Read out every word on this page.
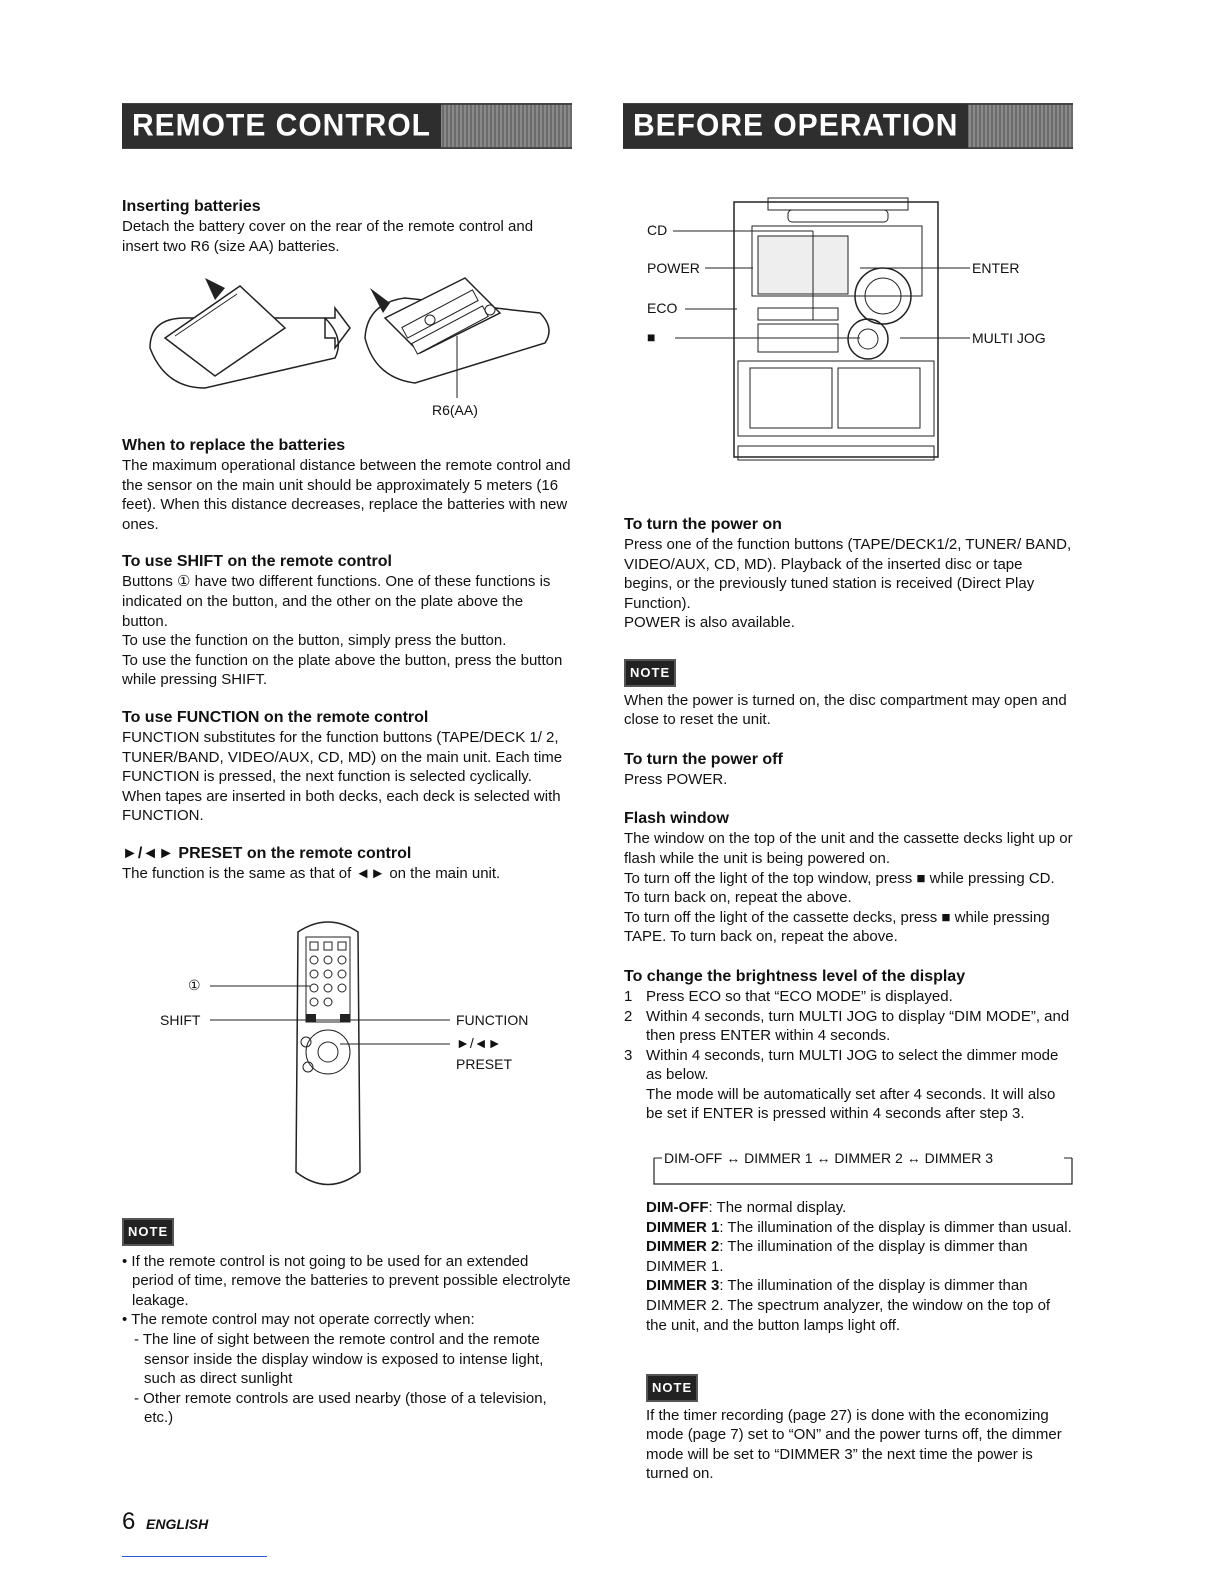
REMOTE CONTROL	BEFORE OPERATION
Inserting batteries

Detach the battery cover on the rear of the remote control and insert two R6 (size AA) batteries.

R6(AA)
When to replace the batteries

The maximum operational distance between the remote control and the sensor on the main unit should be approximately 5 meters (16 feet). When this distance decreases, replace the batteries with new ones.

To use SHIFT on the remote control

Buttons ① have two different functions. One of these functions is indicated on the button, and the other on the plate above the button.

To use the function on the button, simply press the button.

To use the function on the plate above the button, press the button while pressing SHIFT.

To use FUNCTION on the remote control

FUNCTION substitutes for the function buttons (TAPE/DECK 1/ 2, TUNER/BAND, VIDEO/AUX, CD, MD) on the main unit. Each time FUNCTION is pressed, the next function is selected cyclically. When tapes are inserted in both decks, each deck is selected with FUNCTION.

►/◄► PRESET on the remote control

The function is the same as that of ◄► on the main unit.

①
SHIFT	FUNCTION
►/◄►
PRESET
NOTE

• If the remote control is not going to be used for an extended period of time, remove the batteries to prevent possible electrolyte leakage.

• The remote control may not operate correctly when:

- The line of sight between the remote control and the remote sensor inside the display window is exposed to intense light, such as direct sunlight

- Other remote controls are used nearby (those of a television, etc.)

CD
POWER
ECO
■
ENTER
MULTI JOG
To turn the power on

Press one of the function buttons (TAPE/DECK1/2, TUNER/ BAND, VIDEO/AUX, CD, MD). Playback of the inserted disc or tape begins, or the previously tuned station is received (Direct Play Function).

POWER is also available.

NOTE

When the power is turned on, the disc compartment may open and close to reset the unit.

To turn the power off

Press POWER.

Flash window

The window on the top of the unit and the cassette decks light up or flash while the unit is being powered on.

To turn off the light of the top window, press ■ while pressing CD. To turn back on, repeat the above.

To turn off the light of the cassette decks, press ■ while pressing TAPE. To turn back on, repeat the above.

To change the brightness level of the display
1 Press ECO so that “ECO MODE” is displayed.
2 Within 4 seconds, turn MULTI JOG to display “DIM MODE”, and then press ENTER within 4 seconds.
3 Within 4 seconds, turn MULTI JOG to select the dimmer mode as below.

The mode will be automatically set after 4 seconds. It will also be set if ENTER is pressed within 4 seconds after step 3.

DIM-OFF ↔ DIMMER 1 ↔ DIMMER 2 ↔ DIMMER 3

DIM-OFF: The normal display.

DIMMER 1: The illumination of the display is dimmer than usual.

DIMMER 2: The illumination of the display is dimmer than DIMMER 1.

DIMMER 3: The illumination of the display is dimmer than DIMMER 2. The spectrum analyzer, the window on the top of the unit, and the button lamps light off.

NOTE

If the timer recording (page 27) is done with the economizing mode (page 7) set to “ON” and the power turns off, the dimmer mode will be set to “DIMMER 3” the next time the power is turned on.

6 ENGLISH
